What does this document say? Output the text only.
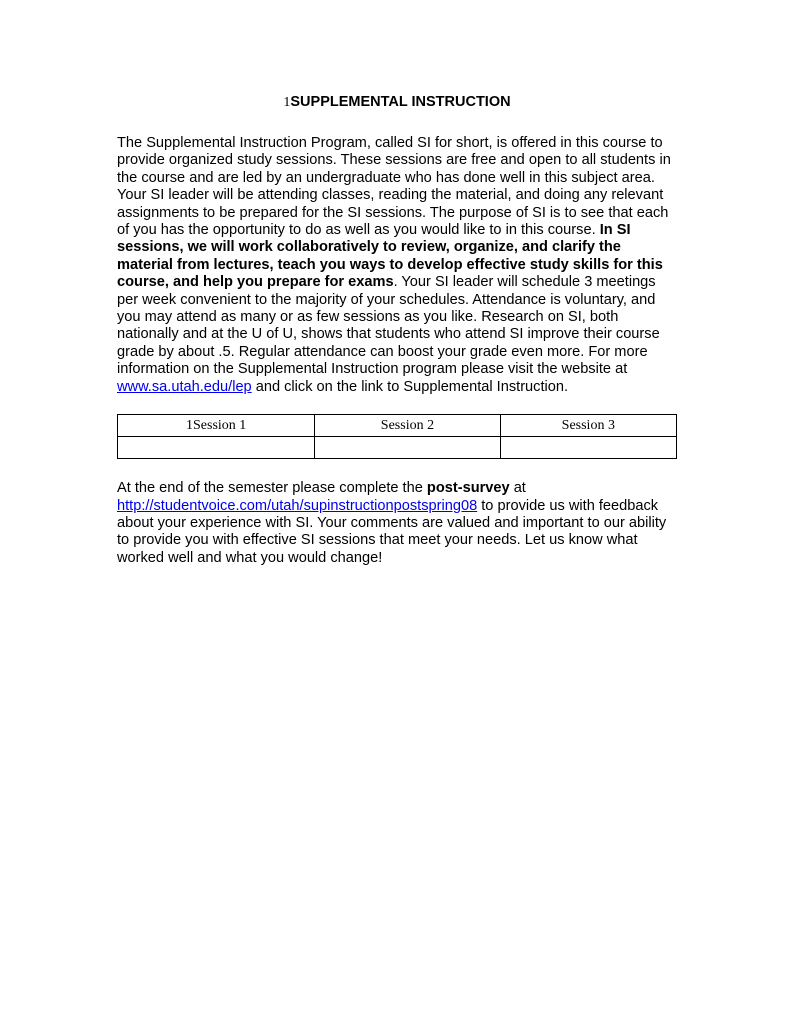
1SUPPLEMENTAL INSTRUCTION

The Supplemental Instruction Program, called SI for short, is offered in this course to provide organized study sessions. These sessions are free and open to all students in the course and are led by an undergraduate who has done well in this subject area. Your SI leader will be attending classes, reading the material, and doing any relevant assignments to be prepared for the SI sessions. The purpose of SI is to see that each of you has the opportunity to do as well as you would like to in this course. In SI sessions, we will work collaboratively to review, organize, and clarify the material from lectures, teach you ways to develop effective study skills for this course, and help you prepare for exams. Your SI leader will schedule 3 meetings per week convenient to the majority of your schedules. Attendance is voluntary, and you may attend as many or as few sessions as you like. Research on SI, both nationally and at the U of U, shows that students who attend SI improve their course grade by about .5. Regular attendance can boost your grade even more. For more information on the Supplemental Instruction program please visit the website at www.sa.utah.edu/lep and click on the link to Supplemental Instruction.

1Session 1	Session 2	Session 3

At the end of the semester please complete the post-survey at http://studentvoice.com/utah/supinstructionpostspring08 to provide us with feedback about your experience with SI. Your comments are valued and important to our ability to provide you with effective SI sessions that meet your needs. Let us know what worked well and what you would change!
